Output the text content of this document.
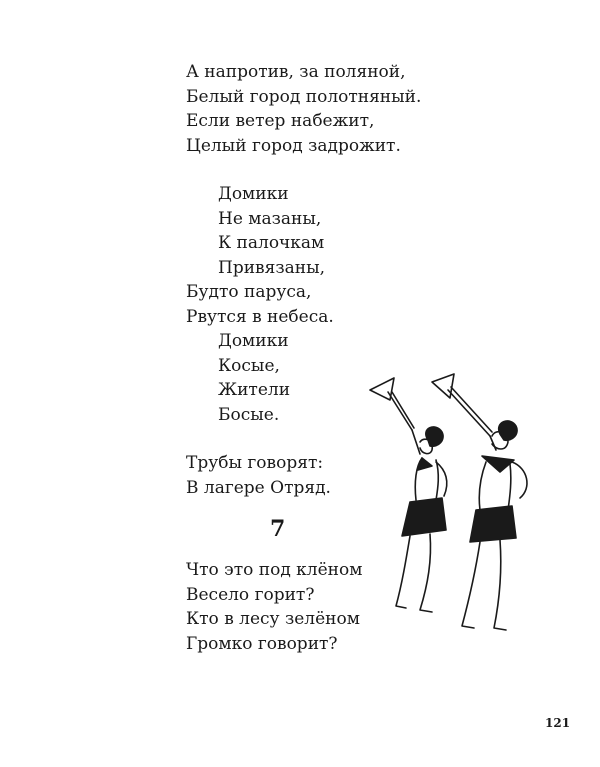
А напротив, за поляной,
Белый город полотняный.
Если ветер набежит,
Целый город задрожит.
Домики
Не мазаны,
К палочкам
Привязаны,
Будто паруса,
Рвутся в небеса.
Домики
Косые,
Жители
Босые.
Трубы говорят:
В лагере Отряд.
7
Что это под клёном
Весело горит?
Кто в лесу зелёном
Громко говорит?
121
